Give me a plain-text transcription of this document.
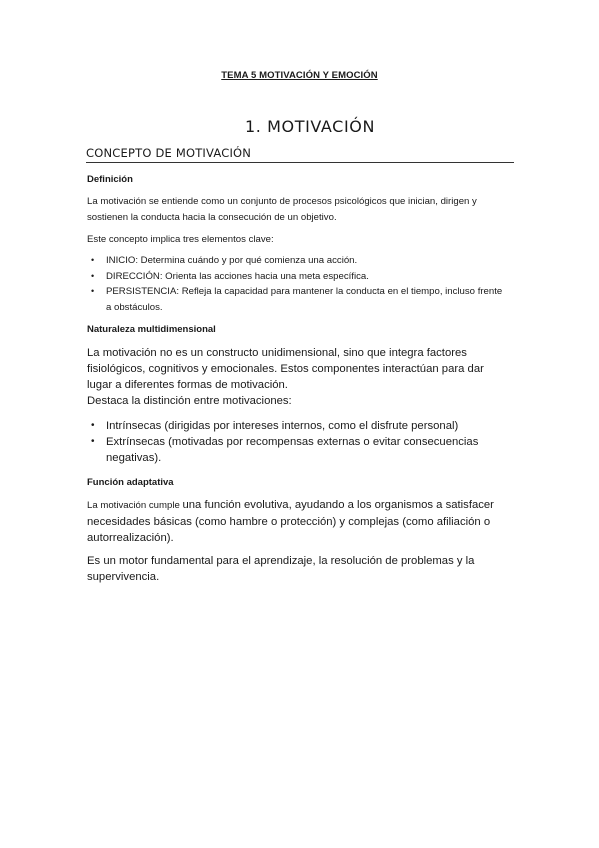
TEMA 5 MOTIVACIÓN Y EMOCIÓN
1. MOTIVACIÓN
CONCEPTO DE MOTIVACIÓN

Definición

La motivación se entiende como un conjunto de procesos psicológicos que inician, dirigen y sostienen la conducta hacia la consecución de un objetivo.

Este concepto implica tres elementos clave:

• INICIO: Determina cuándo y por qué comienza una acción.
• DIRECCIÓN: Orienta las acciones hacia una meta específica.
• PERSISTENCIA: Refleja la capacidad para mantener la conducta en el tiempo, incluso frente a obstáculos.

Naturaleza multidimensional

La motivación no es un constructo unidimensional, sino que integra factores fisiológicos, cognitivos y emocionales. Estos componentes interactúan para dar lugar a diferentes formas de motivación.

Destaca la distinción entre motivaciones:

• Intrínsecas (dirigidas por intereses internos, como el disfrute personal)
• Extrínsecas (motivadas por recompensas externas o evitar consecuencias negativas).

Función adaptativa

La motivación cumple una función evolutiva, ayudando a los organismos a satisfacer necesidades básicas (como hambre o protección) y complejas (como afiliación o autorrealización).

Es un motor fundamental para el aprendizaje, la resolución de problemas y la supervivencia.
